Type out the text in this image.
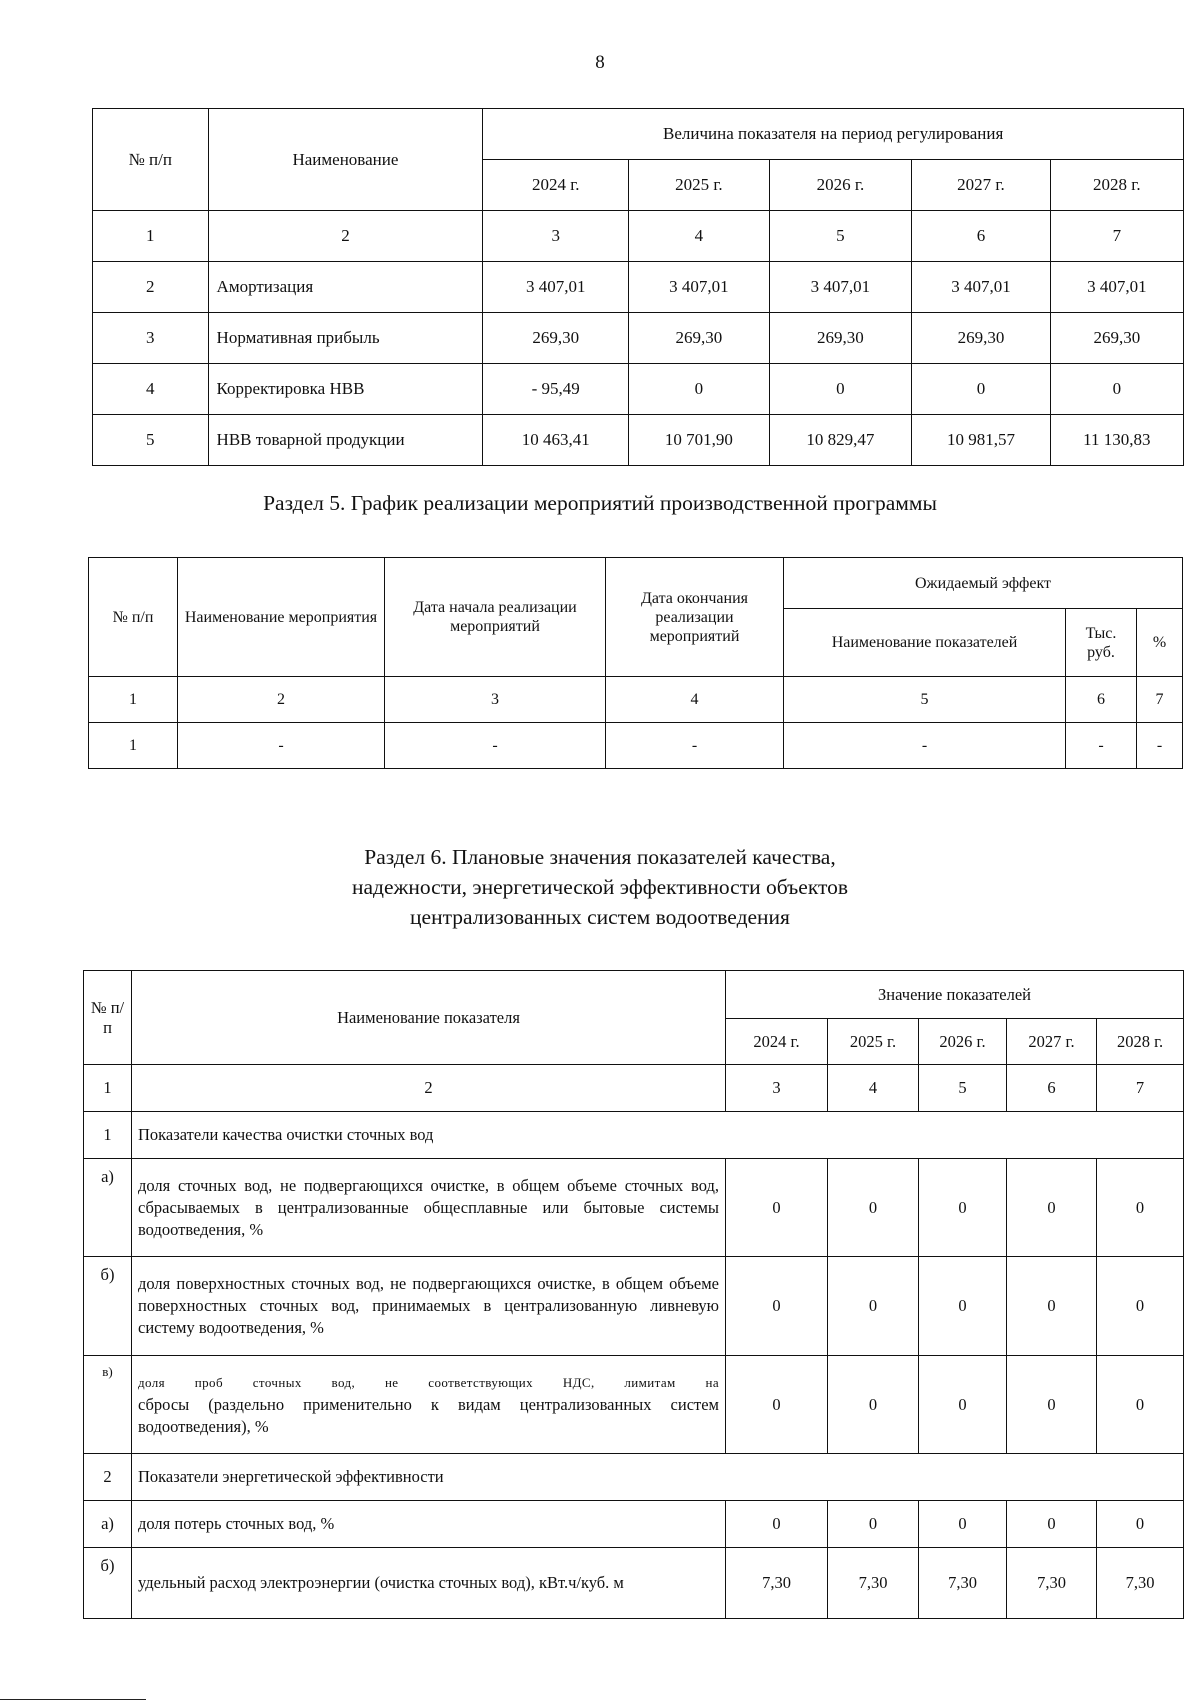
8
№ п/п	Наименование	Величина показателя на период регулирования				
		2024 г.	2025 г.	2026 г.	2027 г.	2028 г.
1	2	3	4	5	6	7
2	Амортизация	3 407,01	3 407,01	3 407,01	3 407,01	3 407,01
3	Нормативная прибыль	269,30	269,30	269,30	269,30	269,30
4	Корректировка НВВ	- 95,49	0	0	0	0
5	НВВ товарной продукции	10 463,41	10 701,90	10 829,47	10 981,57	11 130,83
Раздел 5. График реализации мероприятий производственной программы
№ п/п	Наименование мероприятия	Дата начала реализации мероприятий	Дата окончания реализации мероприятий	Ожидаемый эффект		
				Наименование показателей	Тыс. руб.	%
1	2	3	4	5	6	7
1	-	-	-	-	-	-
Раздел 6. Плановые значения показателей качества,
надежности, энергетической эффективности объектов
централизованных систем водоотведения
№ п/п	Наименование показателя	Значение показателей				
		2024 г.	2025 г.	2026 г.	2027 г.	2028 г.
1	2	3	4	5	6	7
1	Показатели качества очистки сточных вод					
а)	доля сточных вод, не подвергающихся очистке, в общем объеме сточных вод, сбрасываемых в централизованные общесплавные или бытовые системы водоотведения, %	0	0	0	0	0
б)	доля поверхностных сточных вод, не подвергающихся очистке, в общем объеме поверхностных сточных вод, принимаемых в централизованную ливневую систему водоотведения, %	0	0	0	0	0
в)	доля проб сточных вод, не соответствующих НДС, лимитам на
сбросы (раздельно применительно к видам централизованных систем водоотведения), %	0	0	0	0	0
2	Показатели энергетической эффективности					
а)	доля потерь сточных вод, %	0	0	0	0	0
б)	удельный расход электроэнергии (очистка сточных вод), кВт.ч/куб. м	7,30	7,30	7,30	7,30	7,30
